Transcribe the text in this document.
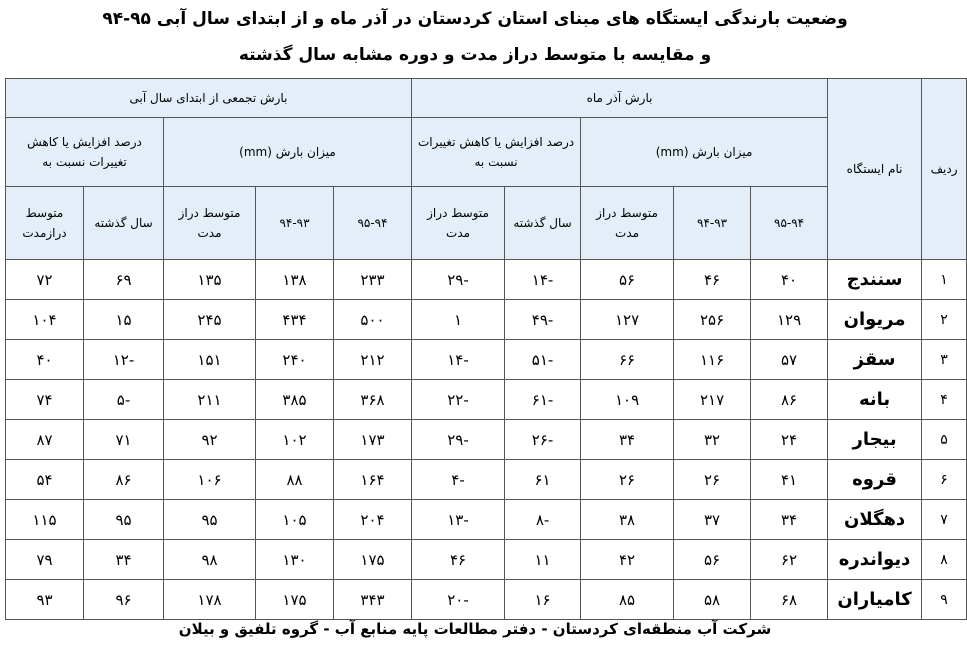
وضعیت بارندگی ایستگاه های مبنای استان کردستان در آذر ماه و از ابتدای سال آبی ۹۵-۹۴
و مقایسه با متوسط دراز مدت و دوره مشابه سال گذشته
ردیف	نام ایستگاه	بارش آذر ماه					بارش تجمعی از ابتدای سال آبی				
		میزان بارش (mm)			درصد افزایش یا کاهش تغییرات نسبت به		میزان بارش (mm)			درصد افزایش یا کاهش تغییرات نسبت به	
		۹۵-۹۴	۹۴-۹۳	متوسط دراز مدت	سال گذشته	متوسط دراز مدت	۹۵-۹۴	۹۴-۹۳	متوسط دراز مدت	سال گذشته	متوسط درازمدت
۱	سنندج	۴۰	۴۶	۵۶	-۱۴	-۲۹	۲۳۳	۱۳۸	۱۳۵	۶۹	۷۲
۲	مریوان	۱۲۹	۲۵۶	۱۲۷	-۴۹	۱	۵۰۰	۴۳۴	۲۴۵	۱۵	۱۰۴
۳	سقز	۵۷	۱۱۶	۶۶	-۵۱	-۱۴	۲۱۲	۲۴۰	۱۵۱	-۱۲	۴۰
۴	بانه	۸۶	۲۱۷	۱۰۹	-۶۱	-۲۲	۳۶۸	۳۸۵	۲۱۱	-۵	۷۴
۵	بیجار	۲۴	۳۲	۳۴	-۲۶	-۲۹	۱۷۳	۱۰۲	۹۲	۷۱	۸۷
۶	قروه	۴۱	۲۶	۲۶	۶۱	-۴	۱۶۴	۸۸	۱۰۶	۸۶	۵۴
۷	دهگلان	۳۴	۳۷	۳۸	-۸	-۱۳	۲۰۴	۱۰۵	۹۵	۹۵	۱۱۵
۸	دیواندره	۶۲	۵۶	۴۲	۱۱	۴۶	۱۷۵	۱۳۰	۹۸	۳۴	۷۹
۹	کامیاران	۶۸	۵۸	۸۵	۱۶	-۲۰	۳۴۳	۱۷۵	۱۷۸	۹۶	۹۳
شرکت آب منطقه‌ای کردستان - دفتر مطالعات پایه منابع آب - گروه تلفیق و بیلان
